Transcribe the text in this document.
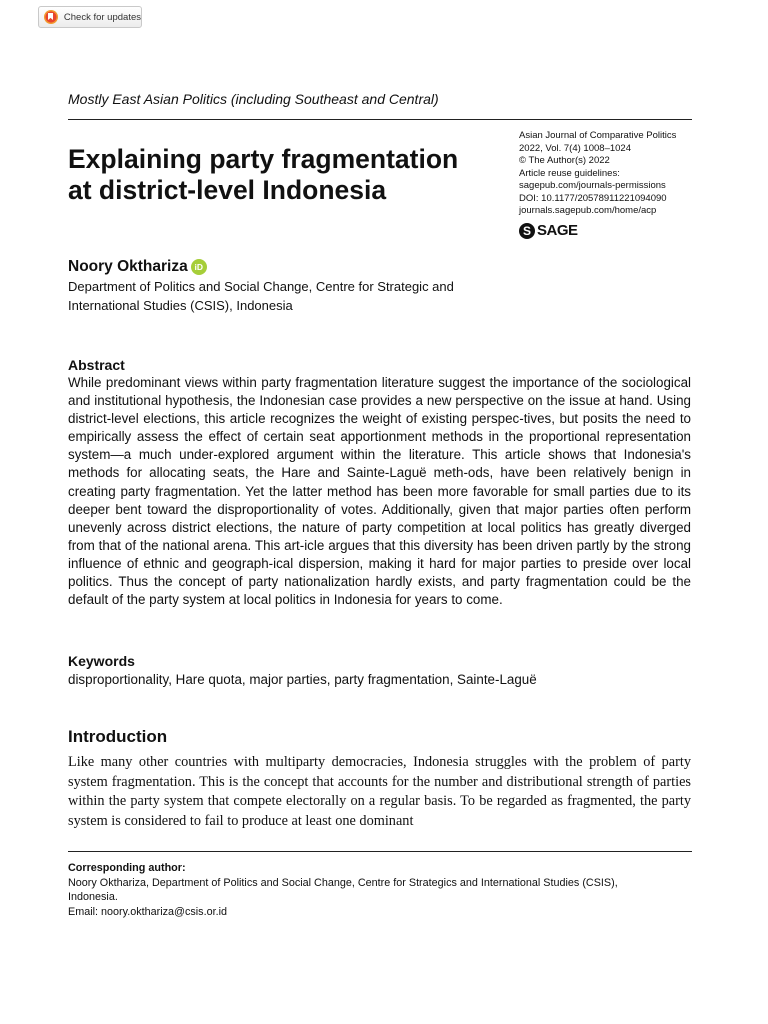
Check for updates
Mostly East Asian Politics (including Southeast and Central)
Explaining party fragmentation
at district-level Indonesia
Asian Journal of Comparative Politics
2022, Vol. 7(4) 1008–1024
© The Author(s) 2022
Article reuse guidelines:
sagepub.com/journals-permissions
DOI: 10.1177/20578911221094090
journals.sagepub.com/home/acp
S SAGE
Noory Okthariza iD
Department of Politics and Social Change, Centre for Strategic and International Studies (CSIS), Indonesia
Abstract

While predominant views within party fragmentation literature suggest the importance of the sociological and institutional hypothesis, the Indonesian case provides a new perspective on the issue at hand. Using district-level elections, this article recognizes the weight of existing perspec-tives, but posits the need to empirically assess the effect of certain seat apportionment methods in the proportional representation system—a much under-explored argument within the literature. This article shows that Indonesia's methods for allocating seats, the Hare and Sainte-Laguë meth-ods, have been relatively benign in creating party fragmentation. Yet the latter method has been more favorable for small parties due to its deeper bent toward the disproportionality of votes. Additionally, given that major parties often perform unevenly across district elections, the nature of party competition at local politics has greatly diverged from that of the national arena. This art-icle argues that this diversity has been driven partly by the strong influence of ethnic and geograph-ical dispersion, making it hard for major parties to preside over local politics. Thus the concept of party nationalization hardly exists, and party fragmentation could be the default of the party system at local politics in Indonesia for years to come.

Keywords

disproportionality, Hare quota, major parties, party fragmentation, Sainte-Laguë

Introduction

Like many other countries with multiparty democracies, Indonesia struggles with the problem of party system fragmentation. This is the concept that accounts for the number and distributional strength of parties within the party system that compete electorally on a regular basis. To be regarded as fragmented, the party system is considered to fail to produce at least one dominant

Corresponding author:
Noory Okthariza, Department of Politics and Social Change, Centre for Strategics and International Studies (CSIS),
Indonesia.
Email: noory.okthariza@csis.or.id
